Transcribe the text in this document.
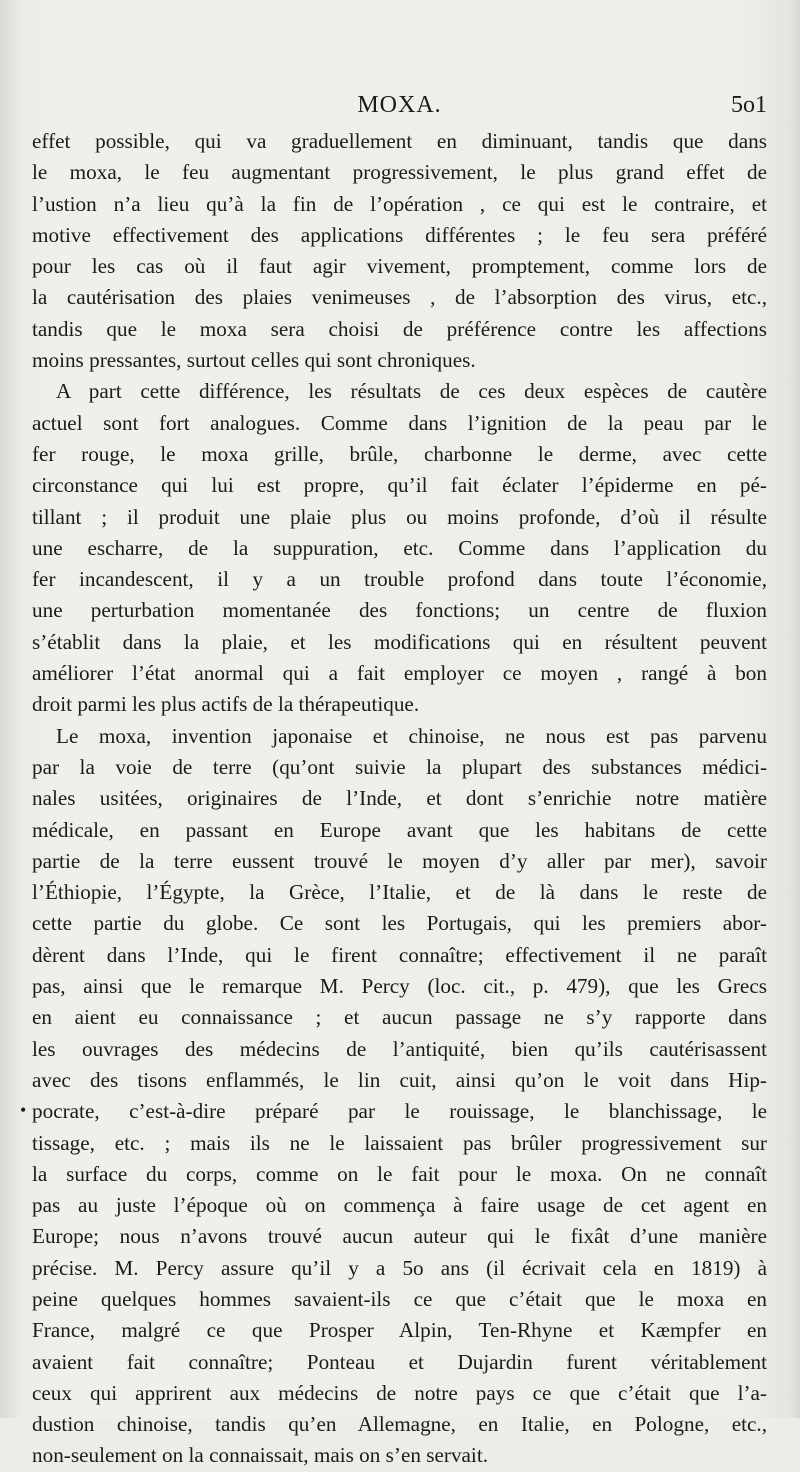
MOXA.	5o1
•
effet possible, qui va graduellement en diminuant, tandis que dans
le moxa, le feu augmentant progressivement, le plus grand effet de
l’ustion n’a lieu qu’à la fin de l’opération , ce qui est le contraire, et
motive effectivement des applications différentes ; le feu sera préféré
pour les cas où il faut agir vivement, promptement, comme lors de
la cautérisation des plaies venimeuses , de l’absorption des virus, etc.,
tandis que le moxa sera choisi de préférence contre les affections
moins pressantes, surtout celles qui sont chroniques.
A part cette différence, les résultats de ces deux espèces de cautère
actuel sont fort analogues. Comme dans l’ignition de la peau par le
fer rouge, le moxa grille, brûle, charbonne le derme, avec cette
circonstance qui lui est propre, qu’il fait éclater l’épiderme en pé-
tillant ; il produit une plaie plus ou moins profonde, d’où il résulte
une escharre, de la suppuration, etc. Comme dans l’application du
fer incandescent, il y a un trouble profond dans toute l’économie,
une perturbation momentanée des fonctions; un centre de fluxion
s’établit dans la plaie, et les modifications qui en résultent peuvent
améliorer l’état anormal qui a fait employer ce moyen , rangé à bon
droit parmi les plus actifs de la thérapeutique.
Le moxa, invention japonaise et chinoise, ne nous est pas parvenu
par la voie de terre (qu’ont suivie la plupart des substances médici-
nales usitées, originaires de l’Inde, et dont s’enrichie notre matière
médicale, en passant en Europe avant que les habitans de cette
partie de la terre eussent trouvé le moyen d’y aller par mer), savoir
l’Éthiopie, l’Égypte, la Grèce, l’Italie, et de là dans le reste de
cette partie du globe. Ce sont les Portugais, qui les premiers abor-
dèrent dans l’Inde, qui le firent connaître; effectivement il ne paraît
pas, ainsi que le remarque M. Percy (loc. cit., p. 479), que les Grecs
en aient eu connaissance ; et aucun passage ne s’y rapporte dans
les ouvrages des médecins de l’antiquité, bien qu’ils cautérisassent
avec des tisons enflammés, le lin cuit, ainsi qu’on le voit dans Hip-
pocrate, c’est-à-dire préparé par le rouissage, le blanchissage, le
tissage, etc. ; mais ils ne le laissaient pas brûler progressivement sur
la surface du corps, comme on le fait pour le moxa. On ne connaît
pas au juste l’époque où on commença à faire usage de cet agent en
Europe; nous n’avons trouvé aucun auteur qui le fixât d’une manière
précise. M. Percy assure qu’il y a 5o ans (il écrivait cela en 1819) à
peine quelques hommes savaient-ils ce que c’était que le moxa en
France, malgré ce que Prosper Alpin, Ten-Rhyne et Kæmpfer en
avaient fait connaître; Ponteau et Dujardin furent véritablement
ceux qui apprirent aux médecins de notre pays ce que c’était que l’a-
dustion chinoise, tandis qu’en Allemagne, en Italie, en Pologne, etc.,
non-seulement on la connaissait, mais on s’en servait.
